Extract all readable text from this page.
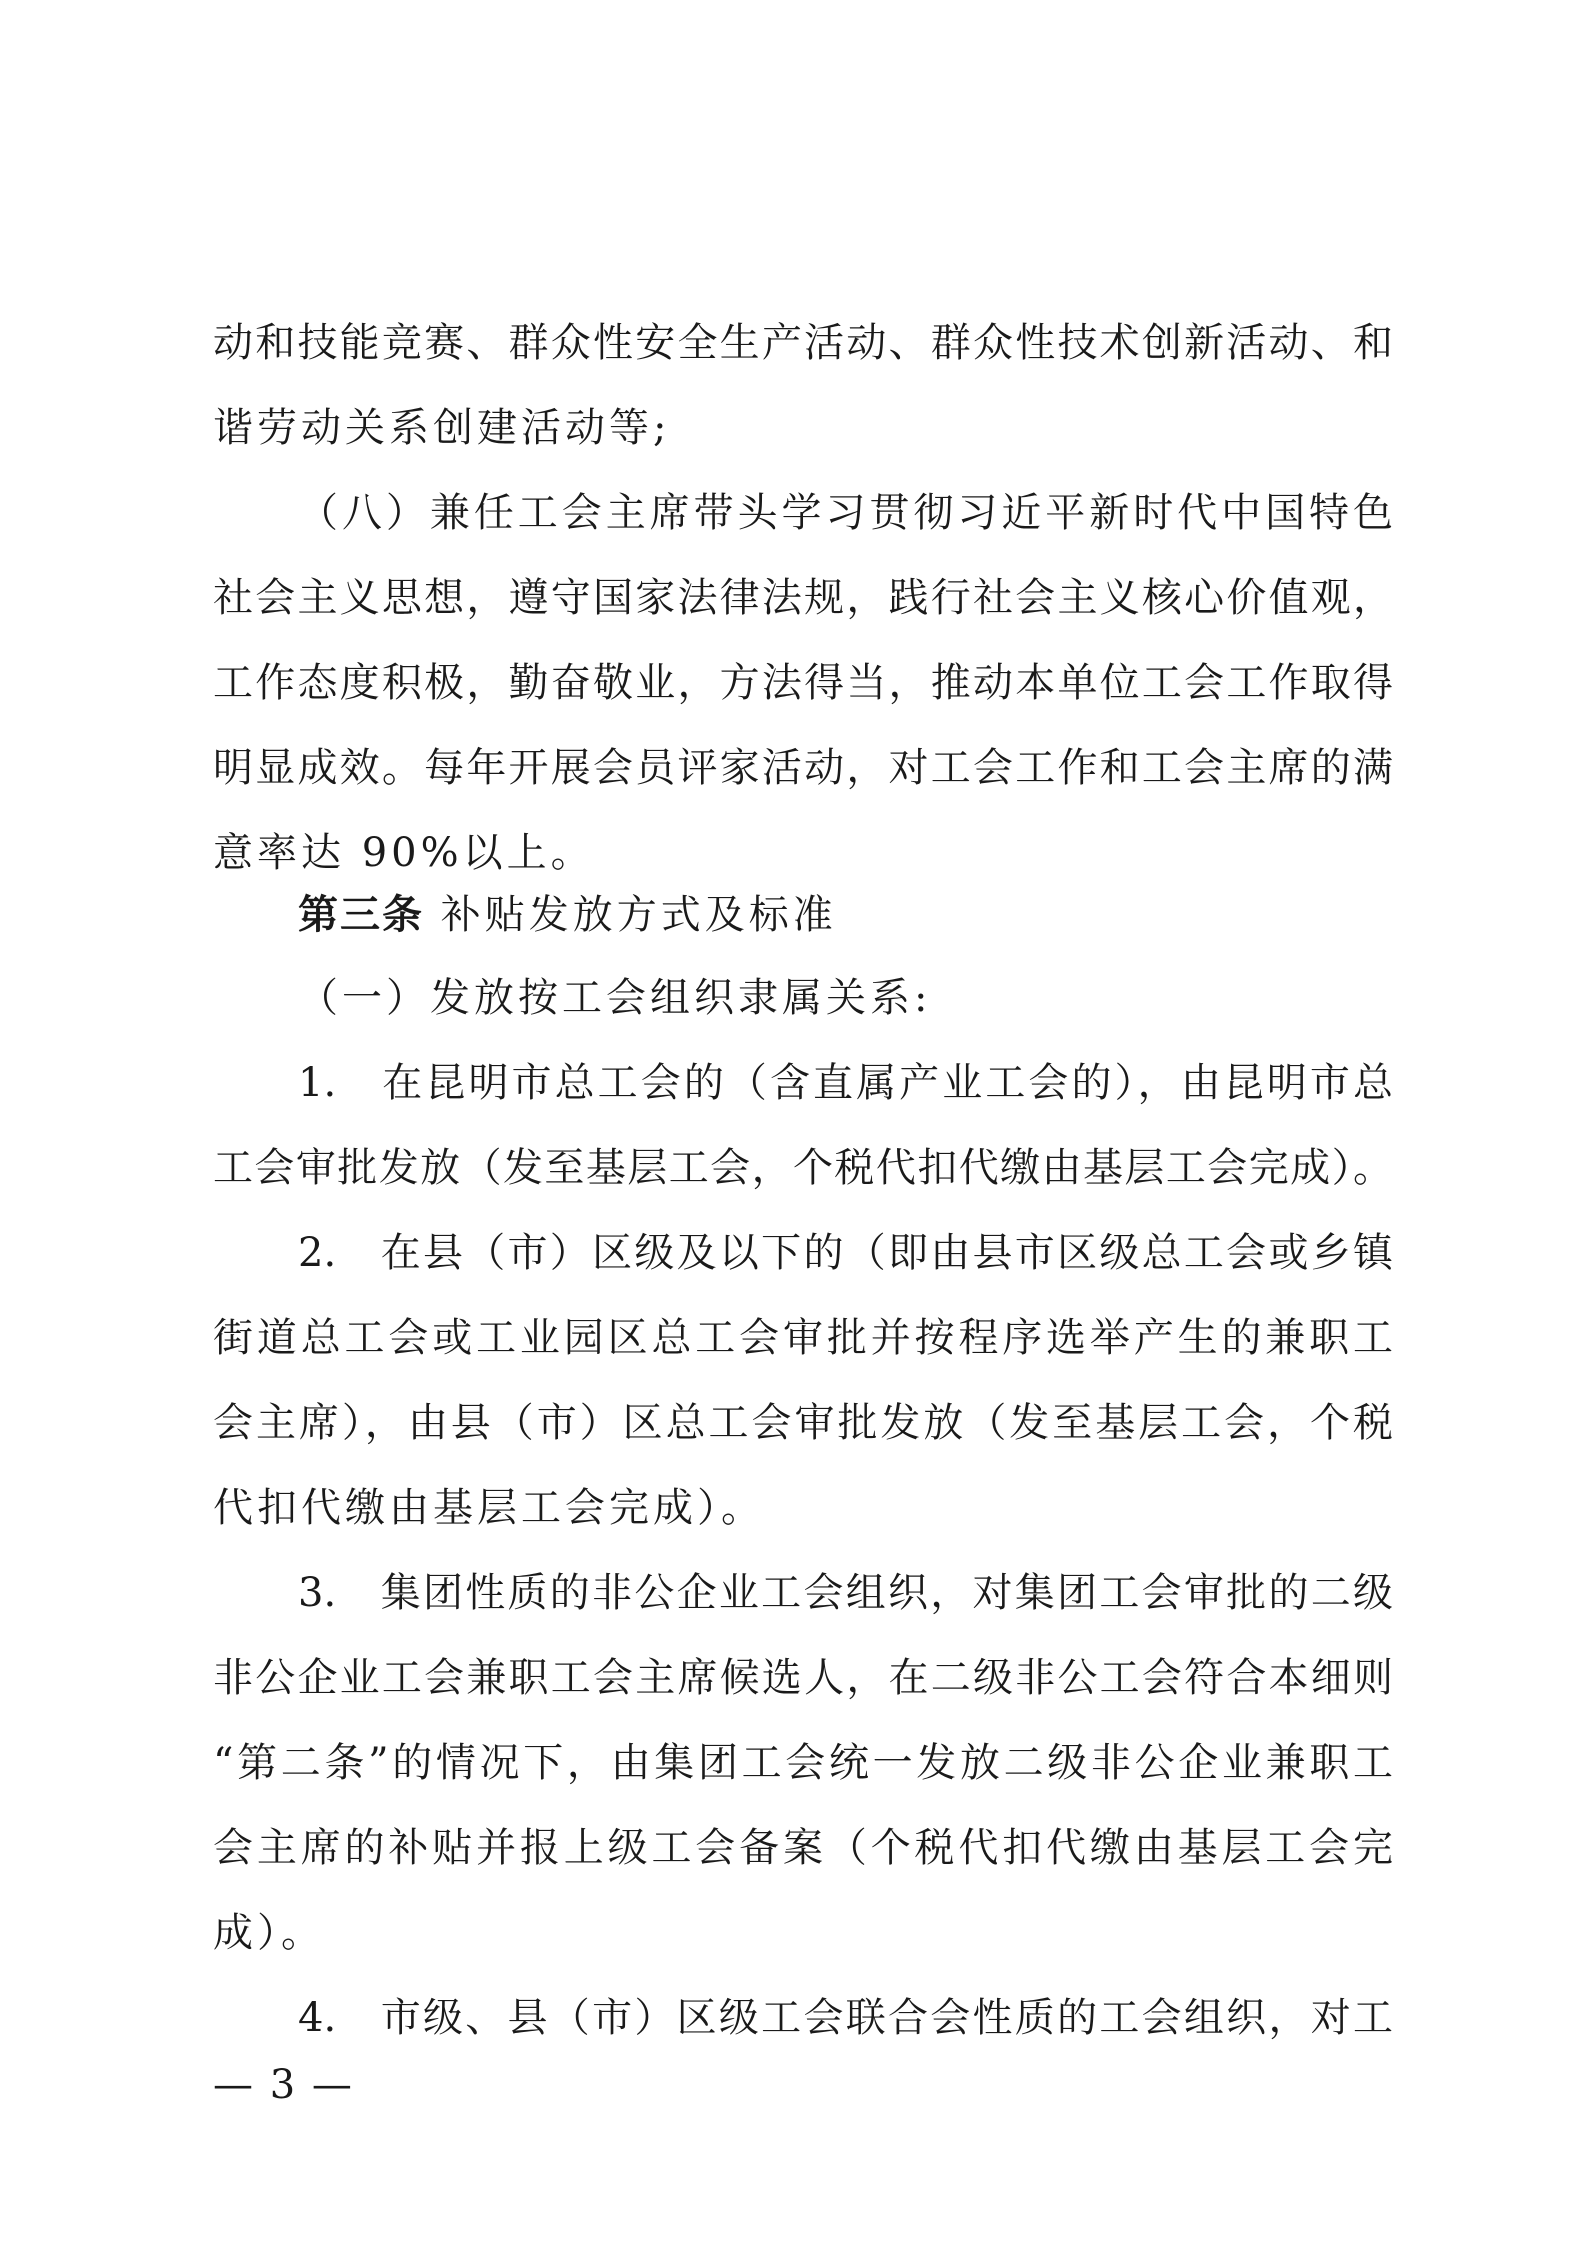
动和技能竞赛、群众性安全生产活动、群众性技术创新活动、和
谐劳动关系创建活动等;
（八）兼任工会主席带头学习贯彻习近平新时代中国特色
社会主义思想，遵守国家法律法规，践行社会主义核心价值观，
工作态度积极，勤奋敬业，方法得当，推动本单位工会工作取得
明显成效。每年开展会员评家活动，对工会工作和工会主席的满
意率达 90%以上。
第三条 补贴发放方式及标准
（一）发放按工会组织隶属关系:
1.　在昆明市总工会的（含直属产业工会的），由昆明市总
工会审批发放（发至基层工会，个税代扣代缴由基层工会完成）。
2.　在县（市）区级及以下的（即由县市区级总工会或乡镇
街道总工会或工业园区总工会审批并按程序选举产生的兼职工
会主席），由县（市）区总工会审批发放（发至基层工会，个税
代扣代缴由基层工会完成）。
3.　集团性质的非公企业工会组织，对集团工会审批的二级
非公企业工会兼职工会主席候选人，在二级非公工会符合本细则
“第二条”的情况下，由集团工会统一发放二级非公企业兼职工
会主席的补贴并报上级工会备案（个税代扣代缴由基层工会完
成）。
4.　市级、县（市）区级工会联合会性质的工会组织，对工
— 3 —
